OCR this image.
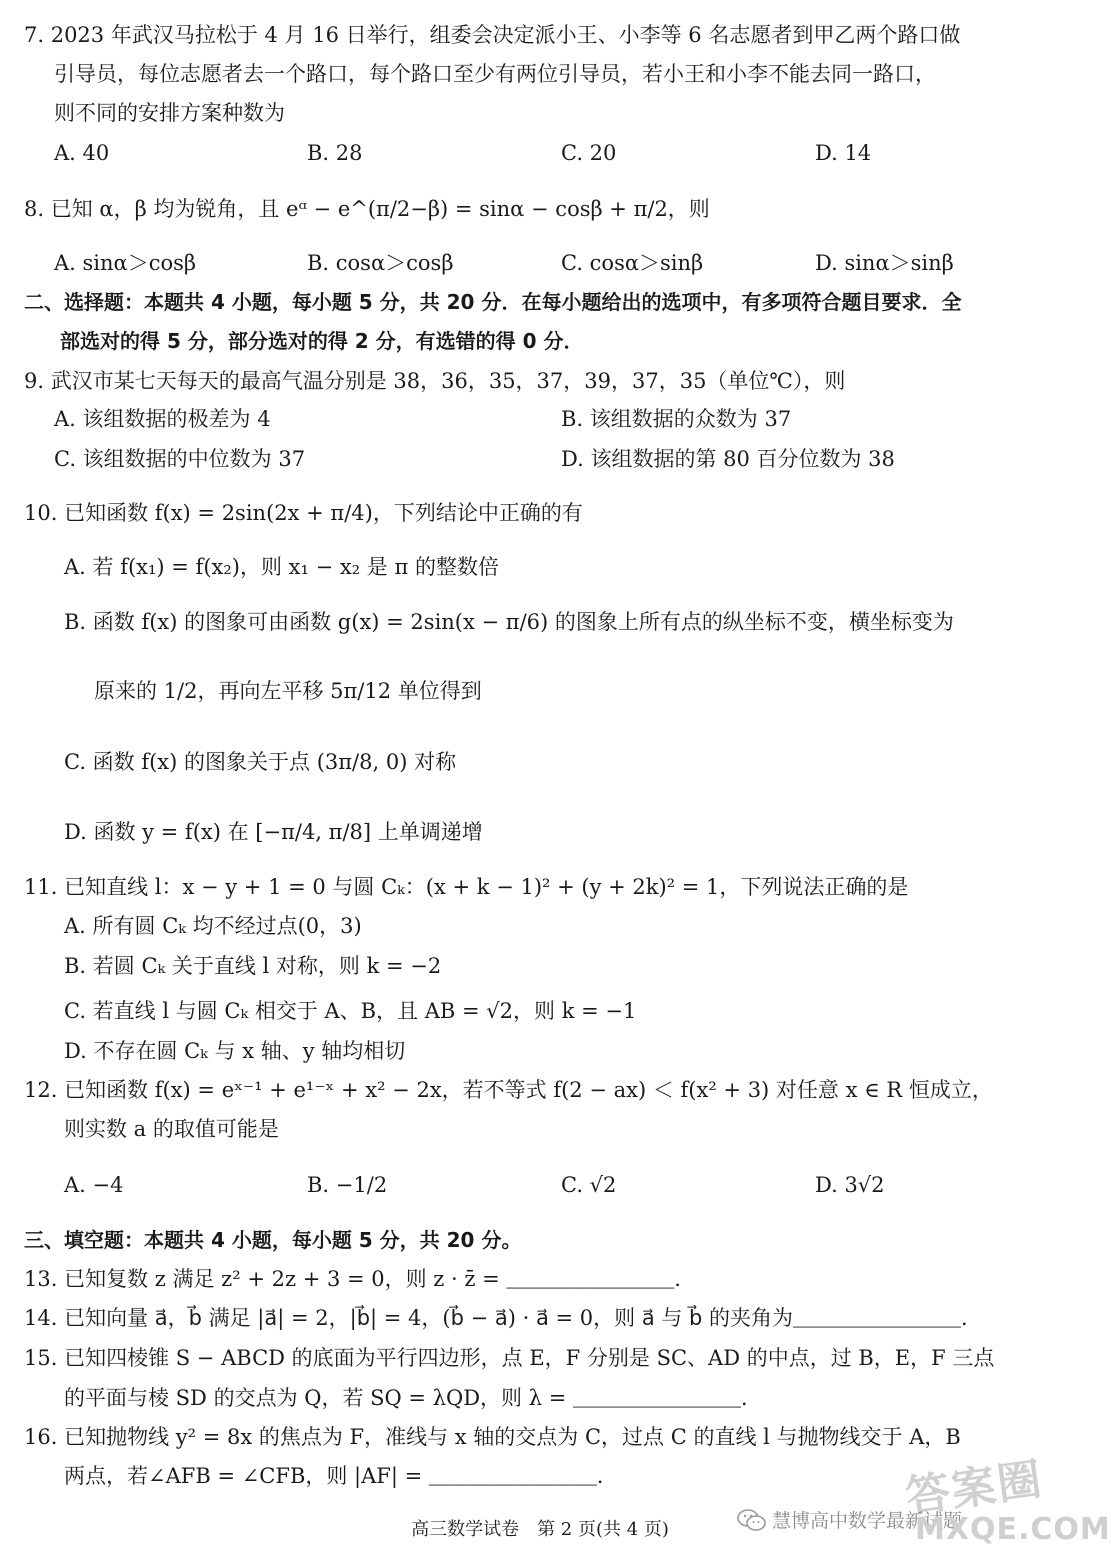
7. 2023 年武汉马拉松于 4 月 16 日举行，组委会决定派小王、小李等 6 名志愿者到甲乙两个路口做
引导员，每位志愿者去一个路口，每个路口至少有两位引导员，若小王和小李不能去同一路口，
则不同的安排方案种数为
A. 40	B. 28	C. 20	D. 14
8. 已知 α，β 均为锐角，且 eᵅ − e^(π/2−β) = sinα − cosβ + π/2，则
A. sinα＞cosβ	B. cosα＞cosβ	C. cosα＞sinβ	D. sinα＞sinβ
二、选择题：本题共 4 小题，每小题 5 分，共 20 分．在每小题给出的选项中，有多项符合题目要求．全
部选对的得 5 分，部分选对的得 2 分，有选错的得 0 分．
9. 武汉市某七天每天的最高气温分别是 38，36，35，37，39，37，35（单位℃），则
A. 该组数据的极差为 4	B. 该组数据的众数为 37
C. 该组数据的中位数为 37	D. 该组数据的第 80 百分位数为 38
10. 已知函数 f(x) = 2sin(2x + π/4)，下列结论中正确的有
A. 若 f(x₁) = f(x₂)，则 x₁ − x₂ 是 π 的整数倍
B. 函数 f(x) 的图象可由函数 g(x) = 2sin(x − π/6) 的图象上所有点的纵坐标不变，横坐标变为
原来的 1/2，再向左平移 5π/12 单位得到
C. 函数 f(x) 的图象关于点 (3π/8, 0) 对称
D. 函数 y = f(x) 在 [−π/4, π/8] 上单调递增
11. 已知直线 l：x − y + 1 = 0 与圆 Cₖ：(x + k − 1)² + (y + 2k)² = 1，下列说法正确的是
A. 所有圆 Cₖ 均不经过点(0，3)
B. 若圆 Cₖ 关于直线 l 对称，则 k = −2
C. 若直线 l 与圆 Cₖ 相交于 A、B，且 AB = √2，则 k = −1
D. 不存在圆 Cₖ 与 x 轴、y 轴均相切
12. 已知函数 f(x) = eˣ⁻¹ + e¹⁻ˣ + x² − 2x，若不等式 f(2 − ax) ＜ f(x² + 3) 对任意 x ∈ R 恒成立，
则实数 a 的取值可能是
A. −4	B. −1/2	C. √2	D. 3√2
三、填空题：本题共 4 小题，每小题 5 分，共 20 分。
13. 已知复数 z 满足 z² + 2z + 3 = 0，则 z · z̄ = ＿＿＿＿＿＿＿＿．
14. 已知向量 a⃗，b⃗ 满足 |a⃗| = 2，|b⃗| = 4，(b⃗ − a⃗) · a⃗ = 0，则 a⃗ 与 b⃗ 的夹角为＿＿＿＿＿＿＿＿．
15. 已知四棱锥 S − ABCD 的底面为平行四边形，点 E，F 分别是 SC、AD 的中点，过 B，E，F 三点
的平面与棱 SD 的交点为 Q，若 SQ = λQD，则 λ = ＿＿＿＿＿＿＿＿．
16. 已知抛物线 y² = 8x 的焦点为 F，准线与 x 轴的交点为 C，过点 C 的直线 l 与抛物线交于 A，B
两点，若∠AFB = ∠CFB，则 |AF| = ＿＿＿＿＿＿＿＿．	答案圈
慧博高中数学最新试题
MXQE.COM
高三数学试卷　第 2 页(共 4 页)
